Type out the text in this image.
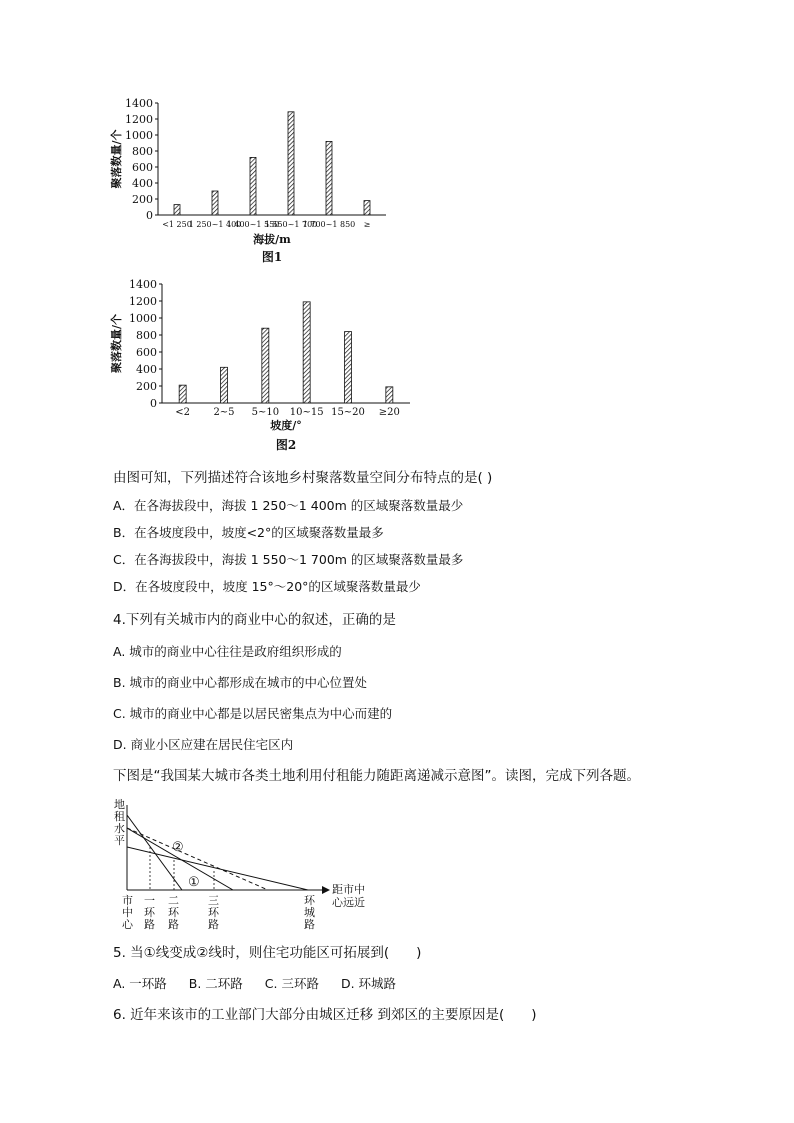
0
200
400
600
800
1000
1200
1400
<1 250
1 250~1 400
1 400~1 550
1 550~1 700
1 700~1 850 ≥
聚落数量/个
海拔/m
图1
0
200
400
600
800
1000
1200
1400
<2 2~5 5~10 10~15 15~20 ≥20
聚落数量/个
坡度/°
图2
由图可知，下列描述符合该地乡村聚落数量空间分布特点的是( )
A．在各海拔段中，海拔 1 250～1 400m 的区域聚落数量最少
B．在各坡度段中，坡度<2°的区域聚落数量最多
C．在各海拔段中，海拔 1 550～1 700m 的区域聚落数量最多
D．在各坡度段中，坡度 15°～20°的区域聚落数量最少
4.下列有关城市内的商业中心的叙述，正确的是
A. 城市的商业中心往往是政府组织形成的
B. 城市的商业中心都形成在城市的中心位置处
C. 城市的商业中心都是以居民密集点为中心而建的
D. 商业小区应建在居民住宅区内
下图是“我国某大城市各类土地利用付租能力随距离递减示意图”。读图，完成下列各题。
地
租
水
平
距市中
心远近
②
①
市
中
心
一
环
路
二
环
路
三
环
路
环
城
路
5. 当①线变成②线时，则住宅功能区可拓展到(　　)
A. 一环路 B. 二环路 C. 三环路 D. 环城路
6. 近年来该市的工业部门大部分由城区迁移 到郊区的主要原因是(　　)
